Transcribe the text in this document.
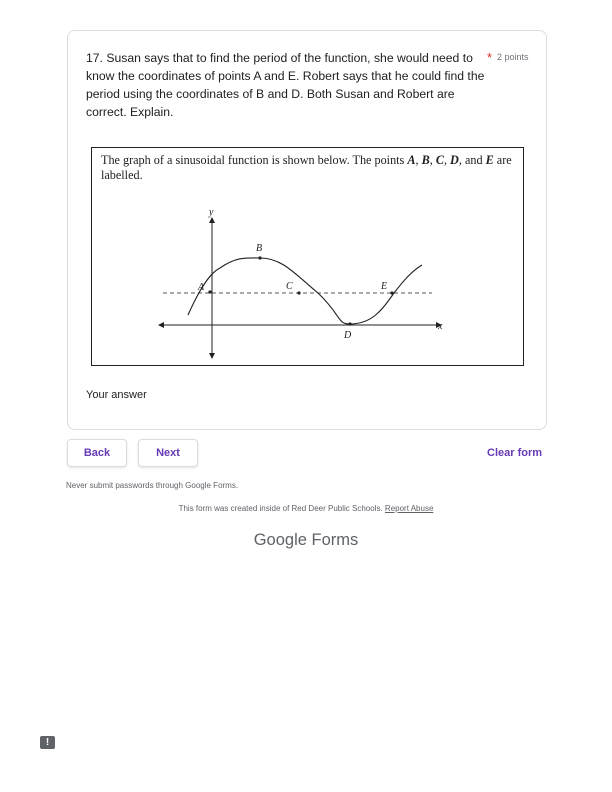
17. Susan says that to find the period of the function, she would need to know the coordinates of points A and E. Robert says that he could find the period using the coordinates of B and D. Both Susan and Robert are correct. Explain.
* 2 points
The graph of a sinusoidal function is shown below. The points A, B, C, D, and E are labelled.
A
B
C
D
E
x
y
Your answer
Back	Next	Clear form
Never submit passwords through Google Forms.
This form was created inside of Red Deer Public Schools. Report Abuse
Google Forms
!
